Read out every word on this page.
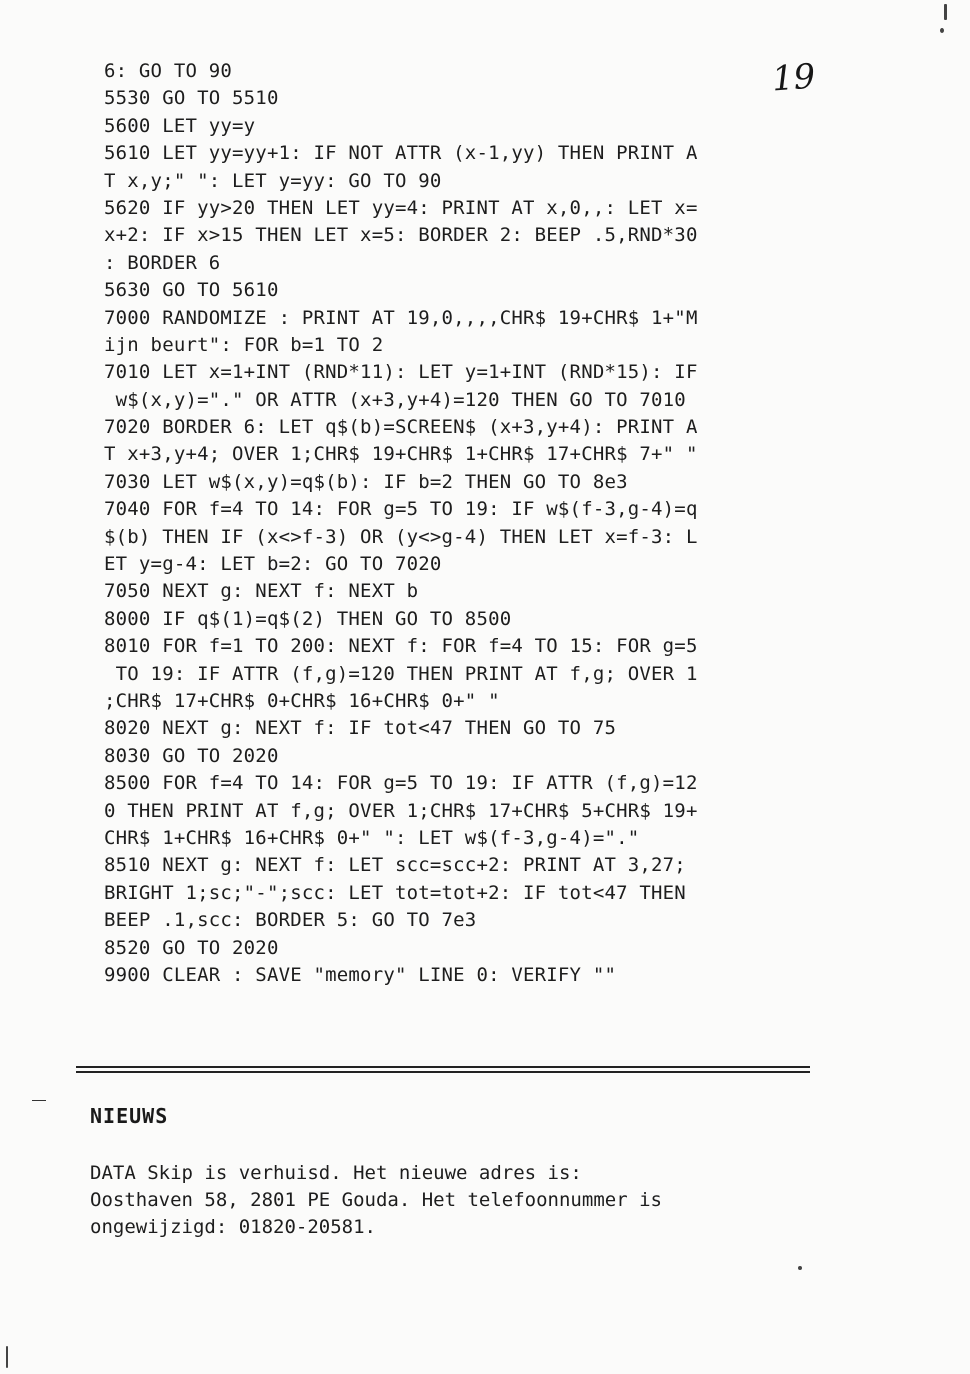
19
6: GO TO 90
5530 GO TO 5510
5600 LET yy=y
5610 LET yy=yy+1: IF NOT ATTR (x-1,yy) THEN PRINT A
T x,y;" ": LET y=yy: GO TO 90
5620 IF yy>20 THEN LET yy=4: PRINT AT x,0,,: LET x=
x+2: IF x>15 THEN LET x=5: BORDER 2: BEEP .5,RND*30
: BORDER 6
5630 GO TO 5610
7000 RANDOMIZE : PRINT AT 19,0,,,,CHR$ 19+CHR$ 1+"M
ijn beurt": FOR b=1 TO 2
7010 LET x=1+INT (RND*11): LET y=1+INT (RND*15): IF
w$(x,y)="." OR ATTR (x+3,y+4)=120 THEN GO TO 7010
7020 BORDER 6: LET q$(b)=SCREEN$ (x+3,y+4): PRINT A
T x+3,y+4; OVER 1;CHR$ 19+CHR$ 1+CHR$ 17+CHR$ 7+" "
7030 LET w$(x,y)=q$(b): IF b=2 THEN GO TO 8e3
7040 FOR f=4 TO 14: FOR g=5 TO 19: IF w$(f-3,g-4)=q
$(b) THEN IF (x<>f-3) OR (y<>g-4) THEN LET x=f-3: L
ET y=g-4: LET b=2: GO TO 7020
7050 NEXT g: NEXT f: NEXT b
8000 IF q$(1)=q$(2) THEN GO TO 8500
8010 FOR f=1 TO 200: NEXT f: FOR f=4 TO 15: FOR g=5
TO 19: IF ATTR (f,g)=120 THEN PRINT AT f,g; OVER 1
;CHR$ 17+CHR$ 0+CHR$ 16+CHR$ 0+" "
8020 NEXT g: NEXT f: IF tot<47 THEN GO TO 75
8030 GO TO 2020
8500 FOR f=4 TO 14: FOR g=5 TO 19: IF ATTR (f,g)=12
0 THEN PRINT AT f,g; OVER 1;CHR$ 17+CHR$ 5+CHR$ 19+
CHR$ 1+CHR$ 16+CHR$ 0+" ": LET w$(f-3,g-4)="."
8510 NEXT g: NEXT f: LET scc=scc+2: PRINT AT 3,27;
BRIGHT 1;sc;"-";scc: LET tot=tot+2: IF tot<47 THEN
BEEP .1,scc: BORDER 5: GO TO 7e3
8520 GO TO 2020
9900 CLEAR : SAVE "memory" LINE 0: VERIFY ""
NIEUWS
DATA Skip is verhuisd. Het nieuwe adres is:
Oosthaven 58, 2801 PE Gouda. Het telefoonnummer is
ongewijzigd: 01820-20581.
